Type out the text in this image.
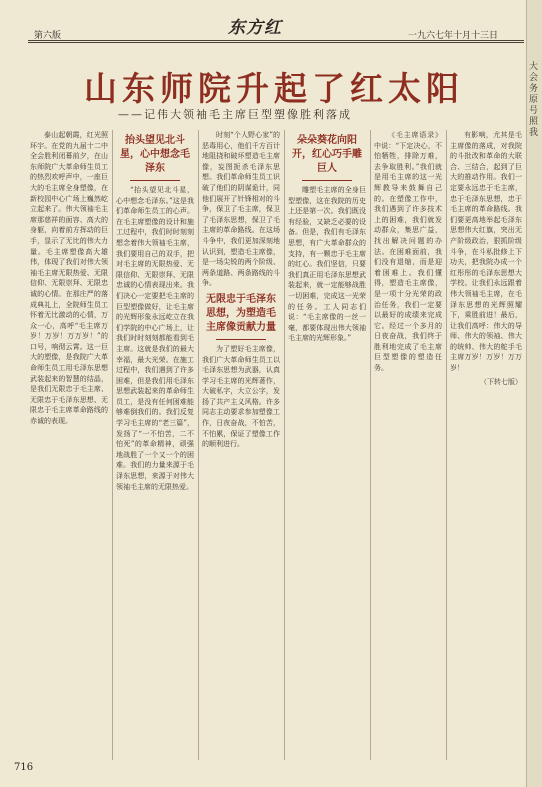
第六版	东方红	一九六七年十月十三日
山东师院升起了红太阳
——记伟大领袖毛主席巨型塑像胜利落成

泰山起朝霞，红光照环宇。在党的九届十二中全会胜利闭幕前夕，在山东师院广大革命师生员工的热烈欢呼声中，一座巨大的毛主席全身塑像，在新校园中心广场上巍然屹立起来了。伟大领袖毛主席那慈祥的面容、高大的身躯，向着前方挥动的巨手，显示了无比的伟大力量。毛主席塑像高大雄伟，体现了我们对伟大领袖毛主席无限热爱、无限信仰、无限崇拜、无限忠诚的心情。在那庄严的落成典礼上，全院师生员工怀着无比激动的心情，万众一心，高呼“毛主席万岁！万岁！万万岁！”的口号，响彻云霄。这一巨大的塑像，是我院广大革命师生员工用毛泽东思想武装起来的智慧的结晶，是我们无限忠于毛主席、无限忠于毛泽东思想、无限忠于毛主席革命路线的赤诚的表现。

抬头望见北斗星，心中想念毛泽东

“抬头望见北斗星，心中想念毛泽东。”这是我们革命师生员工的心声。在毛主席塑像的设计和施工过程中，我们时时刻刻想念着伟大领袖毛主席，我们要用自己的双手，把对毛主席的无限热爱、无限信仰、无限崇拜、无限忠诚的心情表现出来。我们决心一定要把毛主席的巨型塑像做好，让毛主席的光辉形象永远屹立在我们学院的中心广场上，让我们时时刻刻都能看到毛主席。这就是我们的最大幸福，最大光荣。在施工过程中，我们遇到了许多困难，但是我们用毛泽东思想武装起来的革命师生员工，是没有任何困难能够难倒我们的。我们反复学习毛主席的“老三篇”，发扬了“一不怕苦，二不怕死”的革命精神，顽强地战胜了一个又一个的困难。我们的力量来源于毛泽东思想，来源于对伟大领袖毛主席的无限热爱。

时刻“个人野心家”的恶毒用心，他们千方百计地阻挠和破坏塑造毛主席像，妄图扼杀毛泽东思想。我们革命师生员工识破了他们的阴谋诡计，同他们展开了针锋相对的斗争，保卫了毛主席，保卫了毛泽东思想，保卫了毛主席的革命路线。在这场斗争中，我们更加深刻地认识到，塑造毛主席像，是一场尖锐的两个阶级、两条道路、两条路线的斗争。

无限忠于毛泽东思想，为塑造毛主席像贡献力量

为了塑好毛主席像，我们广大革命师生员工以毛泽东思想为武器，认真学习毛主席的光辉著作，大破私字，大立公字，发扬了共产主义风格。许多同志主动要求参加塑像工作，日夜奋战，不怕苦，不怕累，保证了塑像工作的顺利进行。

朵朵葵花向阳开，红心巧手雕巨人

雕塑毛主席的全身巨型塑像，这在我院的历史上还是第一次。我们既没有经验，又缺乏必要的设备。但是，我们有毛泽东思想，有广大革命群众的支持，有一颗忠于毛主席的红心。我们坚信，只要我们真正用毛泽东思想武装起来，就一定能够战胜一切困难，完成这一光荣的任务。工人同志们说：“毛主席像的一丝一毫，都要体现出伟大领袖毛主席的光辉形象。”

《毛主席语录》中说：“下定决心，不怕牺牲，排除万难，去争取胜利。”我们就是用毛主席的这一光辉教导来鼓舞自己的。在塑像工作中，我们遇到了许多技术上的困难，我们就发动群众，集思广益，找出解决问题的办法。在困难面前，我们没有退缩，而是迎着困难上。我们懂得，塑造毛主席像，是一项十分光荣的政治任务，我们一定要以最好的成绩来完成它。经过一个多月的日夜奋战，我们终于胜利地完成了毛主席巨型塑像的塑造任务。

有影响，尤其是毛主席像的落成，对我院的斗批改和革命的大联合、三结合，起到了巨大的推动作用。我们一定要永远忠于毛主席，忠于毛泽东思想，忠于毛主席的革命路线。我们要更高地举起毛泽东思想伟大红旗，突出无产阶级政治，狠抓阶级斗争，在斗私批修上下功夫，把我院办成一个红彤彤的毛泽东思想大学校。让我们永远跟着伟大领袖毛主席，在毛泽东思想的光辉照耀下，乘胜前进！最后，让我们高呼：伟大的导师、伟大的领袖、伟大的统帅、伟大的舵手毛主席万岁！万岁！万万岁！

（下转七版）
716
大会务原号照我
